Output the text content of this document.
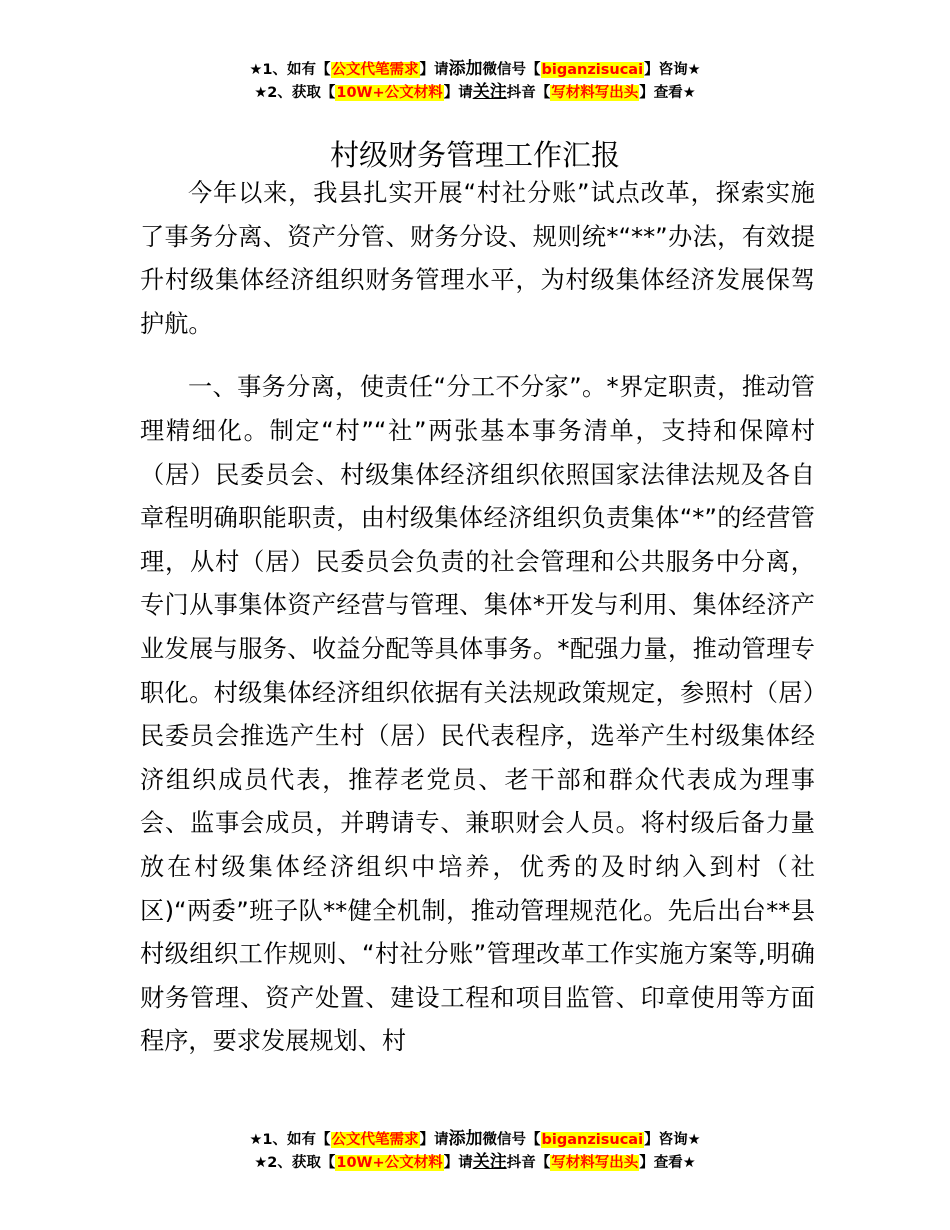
★1、如有【公文代笔需求】请添加微信号【biganzisucai】咨询★
★2、获取【10W+公文材料】请关注抖音【写材料写出头】查看★
村级财务管理工作汇报

今年以来，我县扎实开展“村社分账”试点改革，探索实施了事务分离、资产分管、财务分设、规则统*“**”办法，有效提升村级集体经济组织财务管理水平，为村级集体经济发展保驾护航。

一、事务分离，使责任“分工不分家”。*界定职责，推动管理精细化。制定“村”“社”两张基本事务清单，支持和保障村（居）民委员会、村级集体经济组织依照国家法律法规及各自章程明确职能职责，由村级集体经济组织负责集体“*”的经营管理，从村（居）民委员会负责的社会管理和公共服务中分离，专门从事集体资产经营与管理、集体*开发与利用、集体经济产业发展与服务、收益分配等具体事务。*配强力量，推动管理专职化。村级集体经济组织依据有关法规政策规定，参照村（居）民委员会推选产生村（居）民代表程序，选举产生村级集体经济组织成员代表，推荐老党员、老干部和群众代表成为理事会、监事会成员，并聘请专、兼职财会人员。将村级后备力量放在村级集体经济组织中培养，优秀的及时纳入到村（社区)“两委”班子队**健全机制，推动管理规范化。先后出台**县村级组织工作规则、“村社分账”管理改革工作实施方案等,明确财务管理、资产处置、建设工程和项目监管、印章使用等方面程序，要求发展规划、村

★1、如有【公文代笔需求】请添加微信号【biganzisucai】咨询★
★2、获取【10W+公文材料】请关注抖音【写材料写出头】查看★
